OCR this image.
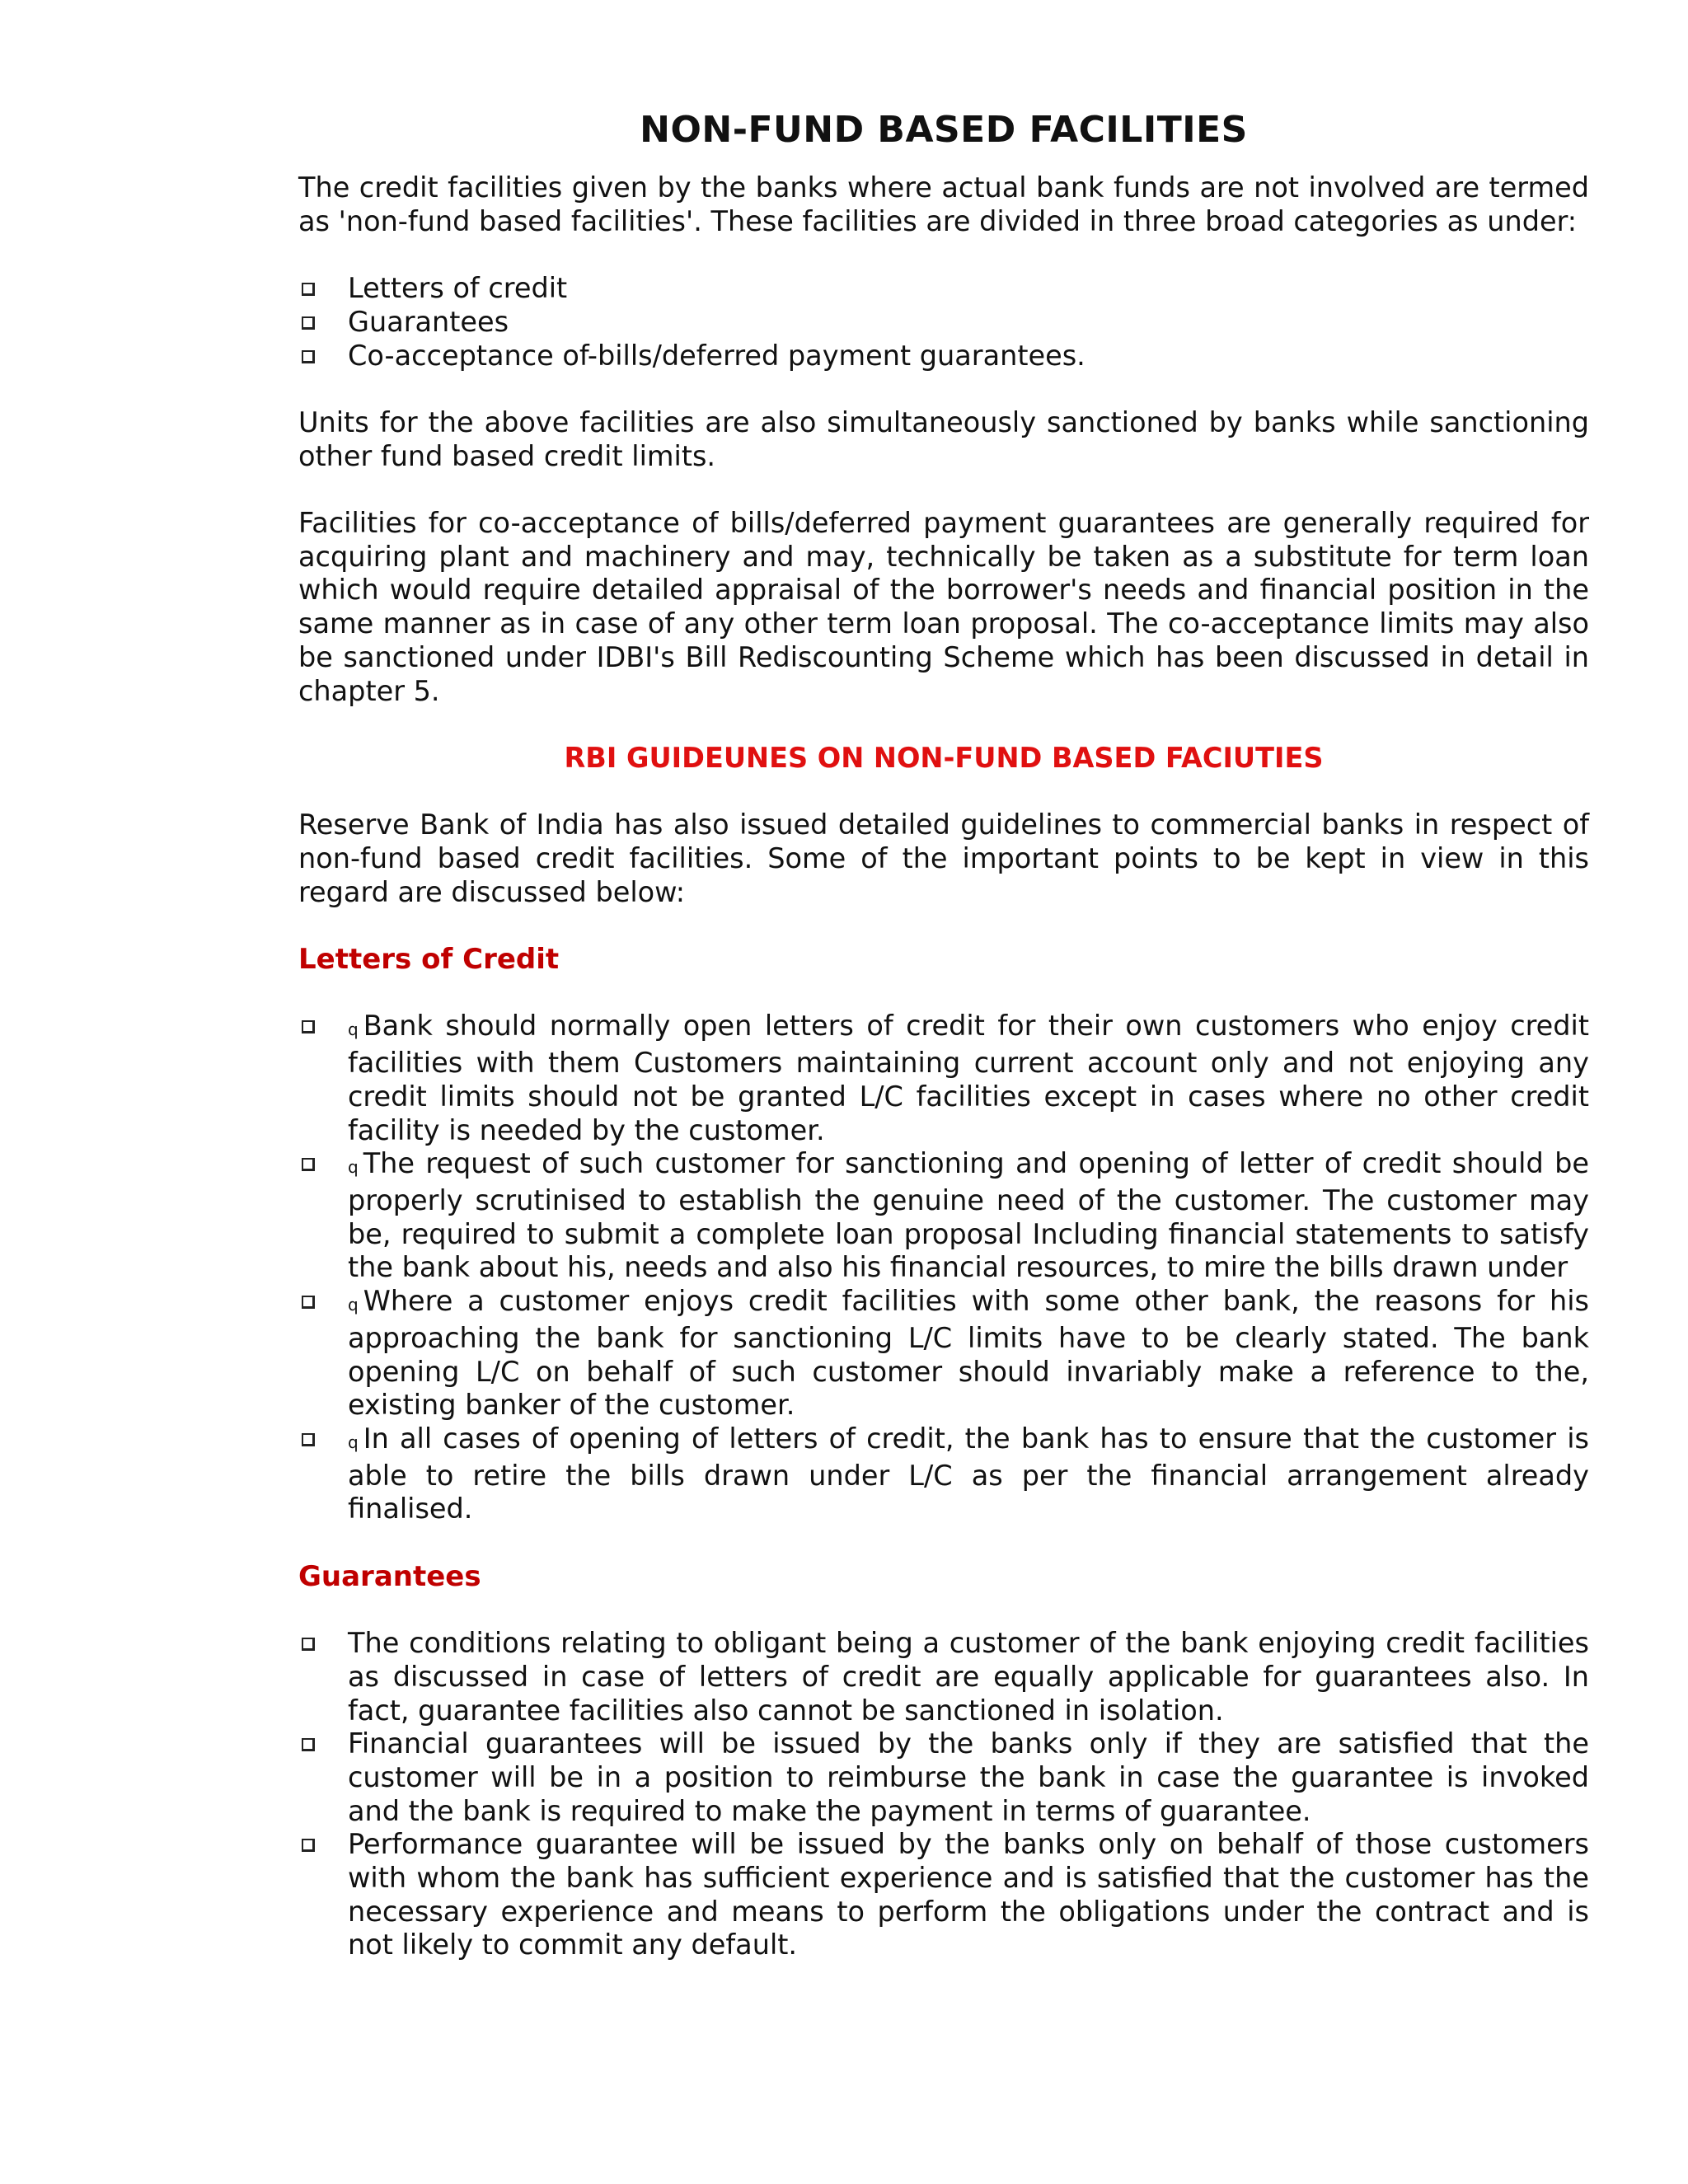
NON-FUND BASED FACILITIES

The credit facilities given by the banks where actual bank funds are not involved are termed as 'non-fund based facilities'. These facilities are divided in three broad categories as under:

Letters of credit
Guarantees
Co-acceptance of-bills/deferred payment guarantees.

Units for the above facilities are also simultaneously sanctioned by banks while sanctioning other fund based credit limits.

Facilities for co-acceptance of bills/deferred payment guarantees are generally required for acquiring plant and machinery and may, technically be taken as a substitute for term loan which would require detailed appraisal of the borrower's needs and financial position in the same manner as in case of any other term loan proposal. The co-acceptance limits may also be sanctioned under IDBI's Bill Rediscounting Scheme which has been discussed in detail in chapter 5.

RBI GUIDEUNES ON NON-FUND BASED FACIUTIES

Reserve Bank of India has also issued detailed guidelines to commercial banks in respect of non-fund based credit facilities. Some of the important points to be kept in view in this regard are discussed below:

Letters of Credit
q Bank should normally open letters of credit for their own customers who enjoy credit facilities with them Customers maintaining current account only and not enjoying any credit limits should not be granted L/C facilities except in cases where no other credit facility is needed by the customer.
q The request of such customer for sanctioning and opening of letter of credit should be properly scrutinised to establish the genuine need of the customer. The customer may be, required to submit a complete loan proposal Including financial statements to satisfy the bank about his, needs and also his financial resources, to mire the bills drawn under
q Where a customer enjoys credit facilities with some other bank, the reasons for his approaching the bank for sanctioning L/C limits have to be clearly stated. The bank opening L/C on behalf of such customer should invariably make a reference to the, existing banker of the customer.
q In all cases of opening of letters of credit, the bank has to ensure that the customer is able to retire the bills drawn under L/C as per the financial arrangement already finalised.
Guarantees
The conditions relating to obligant being a customer of the bank enjoying credit facilities as discussed in case of letters of credit are equally applicable for guarantees also. In fact, guarantee facilities also cannot be sanctioned in isolation.
Financial guarantees will be issued by the banks only if they are satisfied that the customer will be in a position to reimburse the bank in case the guarantee is invoked and the bank is required to make the payment in terms of guarantee.
Performance guarantee will be issued by the banks only on behalf of those customers with whom the bank has sufficient experience and is satisfied that the customer has the necessary experience and means to perform the obligations under the contract and is not likely to commit any default.
